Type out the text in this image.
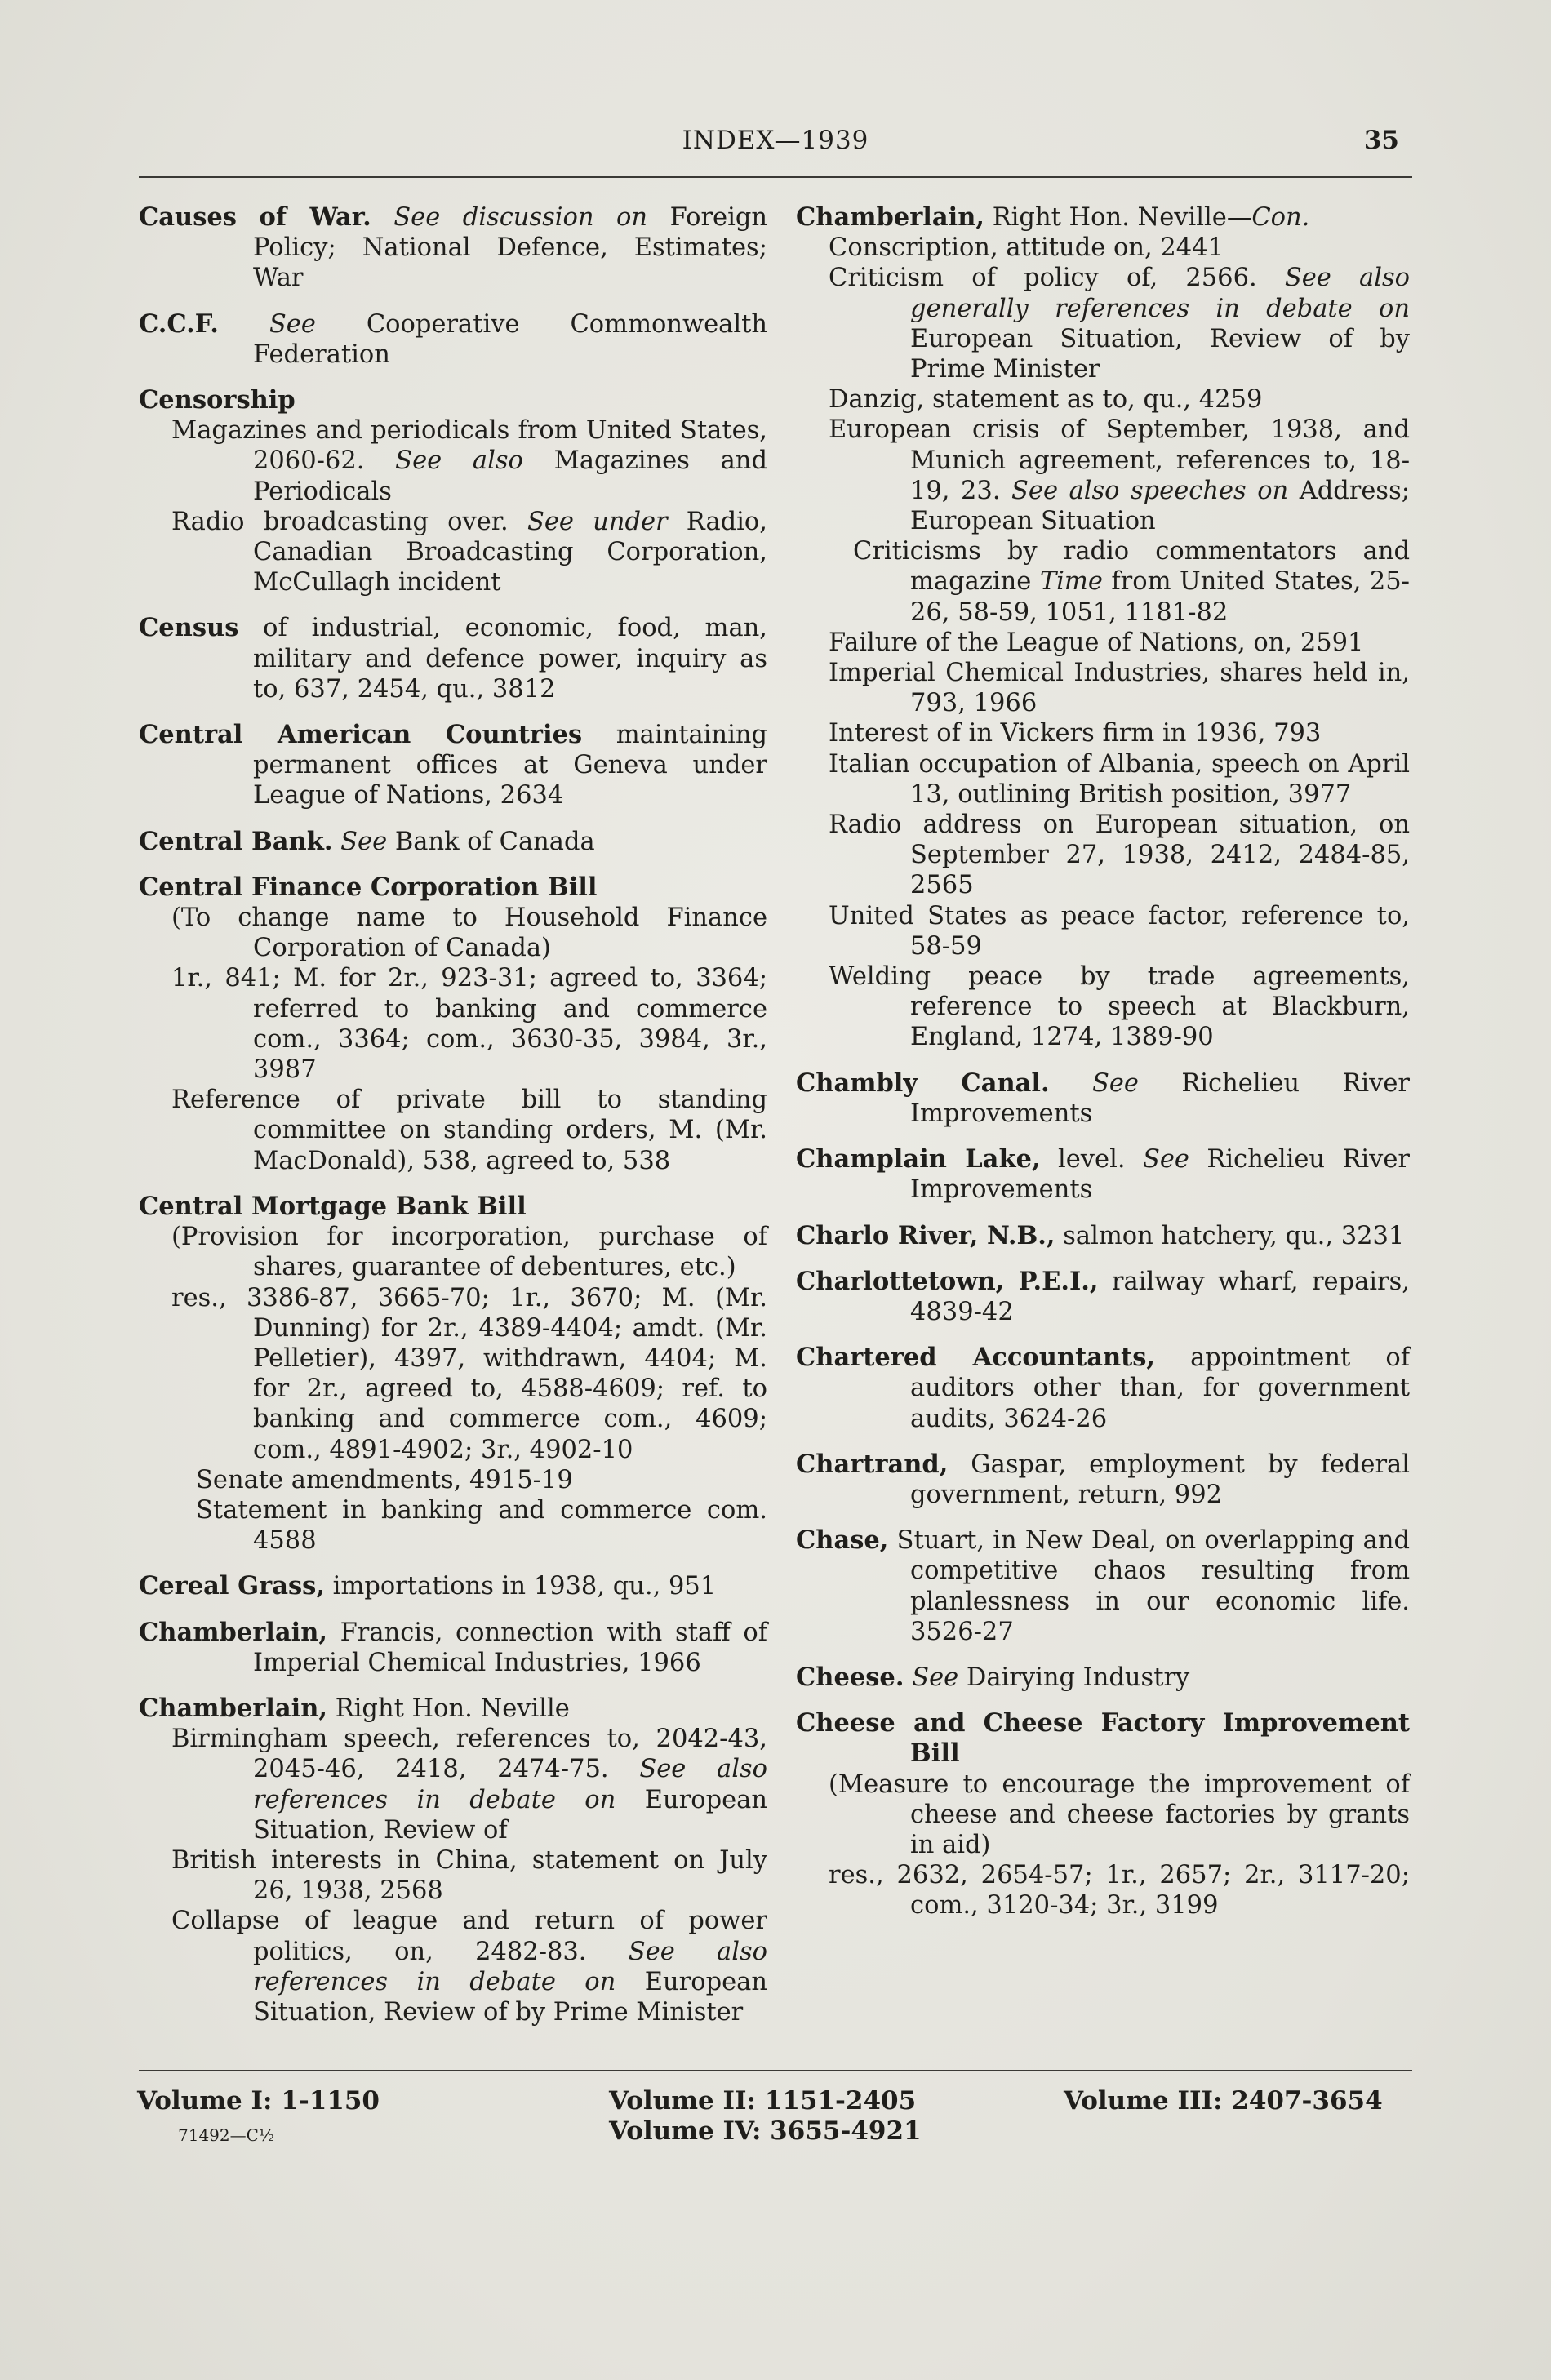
INDEX—1939	35
Causes of War. See discussion on Foreign Policy; National Defence, Estimates; War
C.C.F. See Cooperative Commonwealth Federation
Censorship
Magazines and periodicals from United States, 2060-62. See also Magazines and Periodicals
Radio broadcasting over. See under Radio, Canadian Broadcasting Corporation, McCullagh incident
Census of industrial, economic, food, man, military and defence power, inquiry as to, 637, 2454, qu., 3812
Central American Countries maintaining permanent offices at Geneva under League of Nations, 2634
Central Bank. See Bank of Canada
Central Finance Corporation Bill
(To change name to Household Finance Corporation of Canada)
1r., 841; M. for 2r., 923-31; agreed to, 3364; referred to banking and commerce com., 3364; com., 3630-35, 3984, 3r., 3987
Reference of private bill to standing committee on standing orders, M. (Mr. MacDonald), 538, agreed to, 538
Central Mortgage Bank Bill
(Provision for incorporation, purchase of shares, guarantee of debentures, etc.)
res., 3386-87, 3665-70; 1r., 3670; M. (Mr. Dunning) for 2r., 4389-4404; amdt. (Mr. Pelletier), 4397, withdrawn, 4404; M. for 2r., agreed to, 4588-4609; ref. to banking and commerce com., 4609; com., 4891-4902; 3r., 4902-10
Senate amendments, 4915-19
Statement in banking and commerce com. 4588
Cereal Grass, importations in 1938, qu., 951
Chamberlain, Francis, connection with staff of Imperial Chemical Industries, 1966
Chamberlain, Right Hon. Neville
Birmingham speech, references to, 2042-43, 2045-46, 2418, 2474-75. See also references in debate on European Situation, Review of
British interests in China, statement on July 26, 1938, 2568
Collapse of league and return of power politics, on, 2482-83. See also references in debate on European Situation, Review of by Prime Minister
Chamberlain, Right Hon. Neville—Con.
Conscription, attitude on, 2441
Criticism of policy of, 2566. See also generally references in debate on European Situation, Review of by Prime Minister
Danzig, statement as to, qu., 4259
European crisis of September, 1938, and Munich agreement, references to, 18-19, 23. See also speeches on Address; European Situation
Criticisms by radio commentators and magazine Time from United States, 25-26, 58-59, 1051, 1181-82
Failure of the League of Nations, on, 2591
Imperial Chemical Industries, shares held in, 793, 1966
Interest of in Vickers firm in 1936, 793
Italian occupation of Albania, speech on April 13, outlining British position, 3977
Radio address on European situation, on September 27, 1938, 2412, 2484-85, 2565
United States as peace factor, reference to, 58-59
Welding peace by trade agreements, reference to speech at Blackburn, England, 1274, 1389-90
Chambly Canal. See Richelieu River Improvements
Champlain Lake, level. See Richelieu River Improvements
Charlo River, N.B., salmon hatchery, qu., 3231
Charlottetown, P.E.I., railway wharf, repairs, 4839-42
Chartered Accountants, appointment of auditors other than, for government audits, 3624-26
Chartrand, Gaspar, employment by federal government, return, 992
Chase, Stuart, in New Deal, on overlapping and competitive chaos resulting from planlessness in our economic life. 3526-27
Cheese. See Dairying Industry
Cheese and Cheese Factory Improvement Bill
(Measure to encourage the improvement of cheese and cheese factories by grants in aid)
res., 2632, 2654-57; 1r., 2657; 2r., 3117-20; com., 3120-34; 3r., 3199
Volume I: 1-1150	Volume II: 1151-2405
Volume IV: 3655-4921
Volume III: 2407-3654
71492—C½
